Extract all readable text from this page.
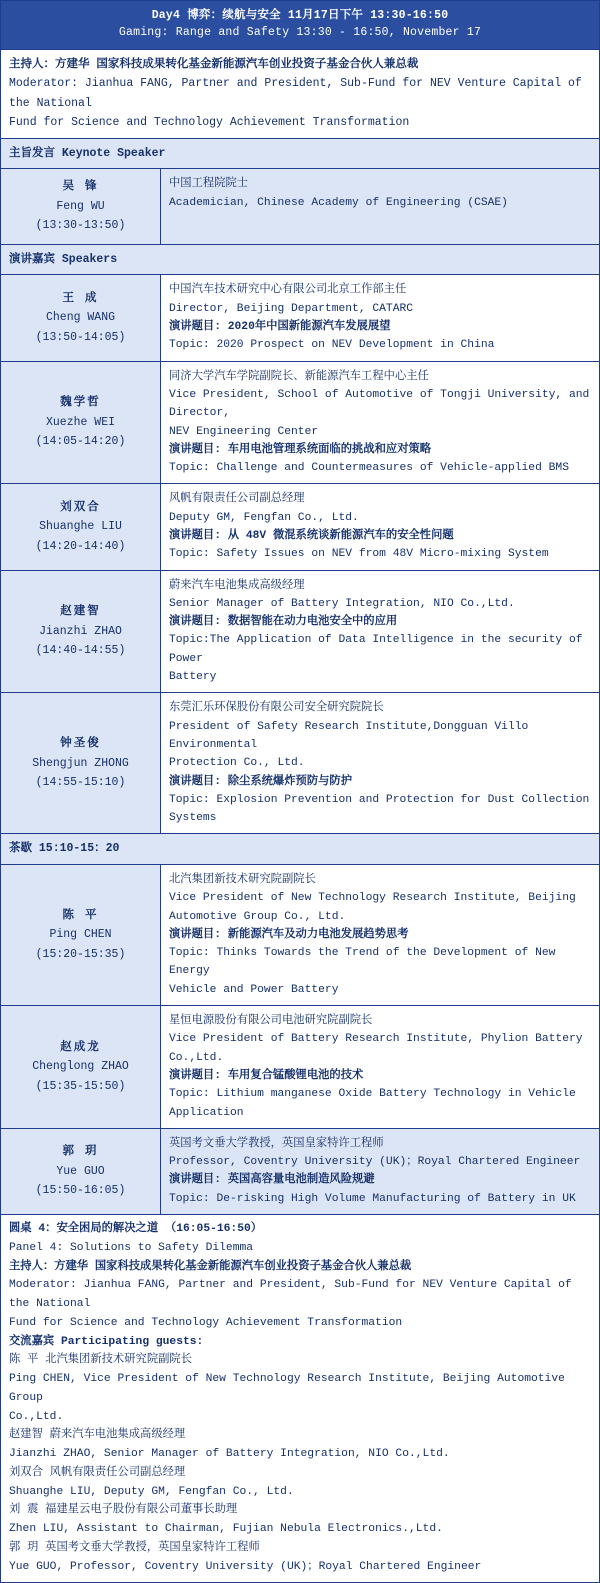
Day4 博弈：续航与安全 11月17日下午 13:30-16:50
Gaming: Range and Safety 13:30 - 16:50, November 17
主持人：方建华 国家科技成果转化基金新能源汽车创业投资子基金合伙人兼总裁
Moderator: Jianhua FANG, Partner and President, Sub-Fund for NEV Venture Capital of the National
Fund for Science and Technology Achievement Transformation
主旨发言 Keynote Speaker
吴 锋
Feng WU
(13:30-13:50)
中国工程院院士
Academician, Chinese Academy of Engineering (CSAE)
演讲嘉宾 Speakers
王 成
Cheng WANG
(13:50-14:05)
中国汽车技术研究中心有限公司北京工作部主任
Director, Beijing Department, CATARC
演讲题目: 2020年中国新能源汽车发展展望
Topic: 2020 Prospect on NEV Development in China
魏学哲
Xuezhe WEI
(14:05-14:20)
同济大学汽车学院副院长、新能源汽车工程中心主任
Vice President, School of Automotive of Tongji University, and Director,
NEV Engineering Center
演讲题目: 车用电池管理系统面临的挑战和应对策略
Topic: Challenge and Countermeasures of Vehicle-applied BMS
刘双合
Shuanghe LIU
(14:20-14:40)
风帆有限责任公司副总经理
Deputy GM, Fengfan Co., Ltd.
演讲题目: 从 48V 微混系统谈新能源汽车的安全性问题
Topic: Safety Issues on NEV from 48V Micro-mixing System
赵建智
Jianzhi ZHAO
(14:40-14:55)
蔚来汽车电池集成高级经理
Senior Manager of Battery Integration, NIO Co.,Ltd.
演讲题目: 数据智能在动力电池安全中的应用
Topic:The Application of Data Intelligence in the security of Power
Battery
钟圣俊
Shengjun ZHONG
(14:55-15:10)
东莞汇乐环保股份有限公司安全研究院院长
President of Safety Research Institute,Dongguan Villo Environmental
Protection Co., Ltd.
演讲题目: 除尘系统爆炸预防与防护
Topic: Explosion Prevention and Protection for Dust Collection
Systems
茶歇 15:10-15：20
陈 平
Ping CHEN
(15:20-15:35)
北汽集团新技术研究院副院长
Vice President of New Technology Research Institute, Beijing
Automotive Group Co., Ltd.
演讲题目: 新能源汽车及动力电池发展趋势思考
Topic: Thinks Towards the Trend of the Development of New Energy
Vehicle and Power Battery
赵成龙
Chenglong ZHAO
(15:35-15:50)
星恒电源股份有限公司电池研究院副院长
Vice President of Battery Research Institute, Phylion Battery
Co.,Ltd.
演讲题目: 车用复合锰酸锂电池的技术
Topic: Lithium manganese Oxide Battery Technology in Vehicle
Application
郭 玥
Yue GUO
(15:50-16:05)
英国考文垂大学教授，英国皇家特许工程师
Professor, Coventry University (UK)；Royal Chartered Engineer
演讲题目: 英国高容量电池制造风险规避
Topic: De-risking High Volume Manufacturing of Battery in UK
圆桌 4：安全困局的解决之道 （16:05-16:50）
Panel 4: Solutions to Safety Dilemma
主持人：方建华 国家科技成果转化基金新能源汽车创业投资子基金合伙人兼总裁
Moderator: Jianhua FANG, Partner and President, Sub-Fund for NEV Venture Capital of the National
Fund for Science and Technology Achievement Transformation
交流嘉宾 Participating guests:
陈 平 北汽集团新技术研究院副院长
Ping CHEN, Vice President of New Technology Research Institute, Beijing Automotive Group
Co.,Ltd.
赵建智 蔚来汽车电池集成高级经理
Jianzhi ZHAO, Senior Manager of Battery Integration, NIO Co.,Ltd.
刘双合 风帆有限责任公司副总经理
Shuanghe LIU, Deputy GM, Fengfan Co., Ltd.
刘 震 福建星云电子股份有限公司董事长助理
Zhen LIU, Assistant to Chairman, Fujian Nebula Electronics.,Ltd.
郭 玥 英国考文垂大学教授，英国皇家特许工程师
Yue GUO, Professor, Coventry University (UK)；Royal Chartered Engineer
